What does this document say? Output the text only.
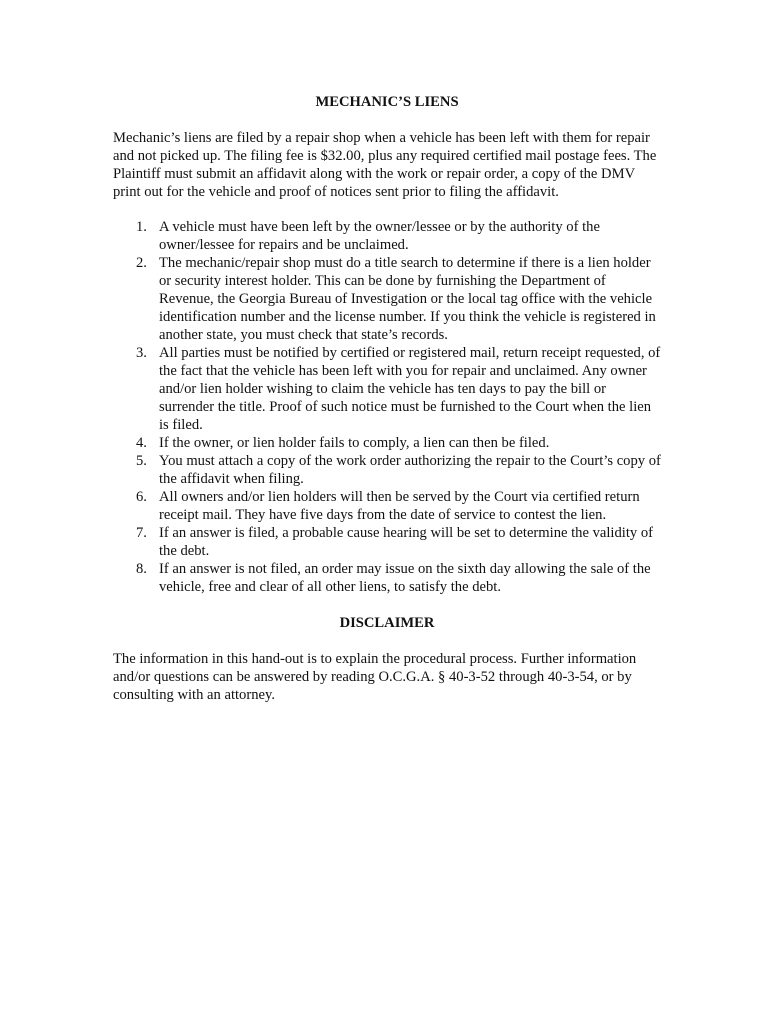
MECHANIC’S LIENS

Mechanic’s liens are filed by a repair shop when a vehicle has been left with them for repair and not picked up. The filing fee is $32.00, plus any required certified mail postage fees. The Plaintiff must submit an affidavit along with the work or repair order, a copy of the DMV print out for the vehicle and proof of notices sent prior to filing the affidavit.

1. A vehicle must have been left by the owner/lessee or by the authority of the owner/lessee for repairs and be unclaimed.
2. The mechanic/repair shop must do a title search to determine if there is a lien holder or security interest holder. This can be done by furnishing the Department of Revenue, the Georgia Bureau of Investigation or the local tag office with the vehicle identification number and the license number. If you think the vehicle is registered in another state, you must check that state’s records.
3. All parties must be notified by certified or registered mail, return receipt requested, of the fact that the vehicle has been left with you for repair and unclaimed. Any owner and/or lien holder wishing to claim the vehicle has ten days to pay the bill or surrender the title. Proof of such notice must be furnished to the Court when the lien is filed.
4. If the owner, or lien holder fails to comply, a lien can then be filed.
5. You must attach a copy of the work order authorizing the repair to the Court’s copy of the affidavit when filing.
6. All owners and/or lien holders will then be served by the Court via certified return receipt mail. They have five days from the date of service to contest the lien.
7. If an answer is filed, a probable cause hearing will be set to determine the validity of the debt.
8. If an answer is not filed, an order may issue on the sixth day allowing the sale of the vehicle, free and clear of all other liens, to satisfy the debt.
DISCLAIMER

The information in this hand-out is to explain the procedural process. Further information and/or questions can be answered by reading O.C.G.A. § 40-3-52 through 40-3-54, or by consulting with an attorney.
